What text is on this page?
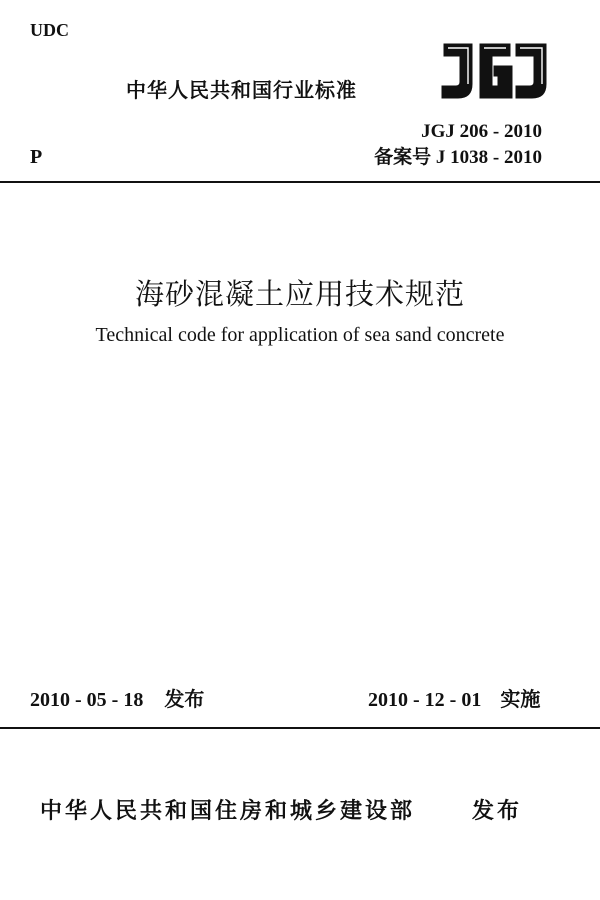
UDC
P
中华人民共和国行业标准
JGJ 206 - 2010
备案号 J 1038 - 2010
海砂混凝土应用技术规范
Technical code for application of sea sand concrete
2010 - 05 - 18 发布	2010 - 12 - 01 实施
中华人民共和国住房和城乡建设部	发布
